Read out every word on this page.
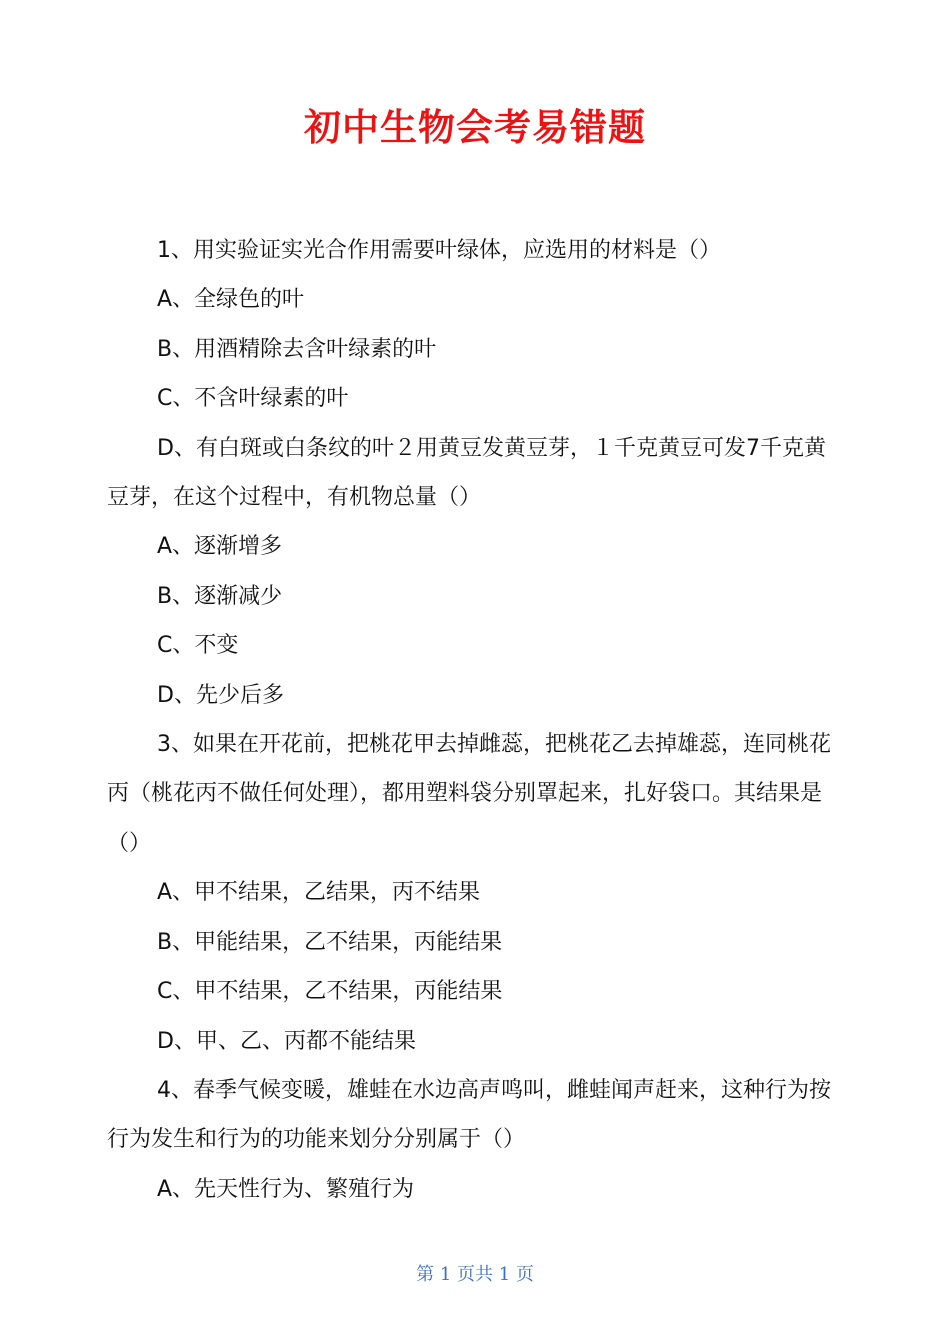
初中生物会考易错题

1、用实验证实光合作用需要叶绿体，应选用的材料是（）

A、全绿色的叶

B、用酒精除去含叶绿素的叶

C、不含叶绿素的叶

D、有白斑或白条纹的叶２用黄豆发黄豆芽，１千克黄豆可发7千克黄豆芽，在这个过程中，有机物总量（）

A、逐渐增多

B、逐渐减少

C、不变

D、先少后多

3、如果在开花前，把桃花甲去掉雌蕊，把桃花乙去掉雄蕊，连同桃花丙（桃花丙不做任何处理），都用塑料袋分别罩起来，扎好袋口。其结果是（）

A、甲不结果，乙结果，丙不结果

B、甲能结果，乙不结果，丙能结果

C、甲不结果，乙不结果，丙能结果

D、甲、乙、丙都不能结果

4、春季气候变暖，雄蛙在水边高声鸣叫，雌蛙闻声赶来，这种行为按行为发生和行为的功能来划分分别属于（）

A、先天性行为、繁殖行为

第 1 页共 1 页
